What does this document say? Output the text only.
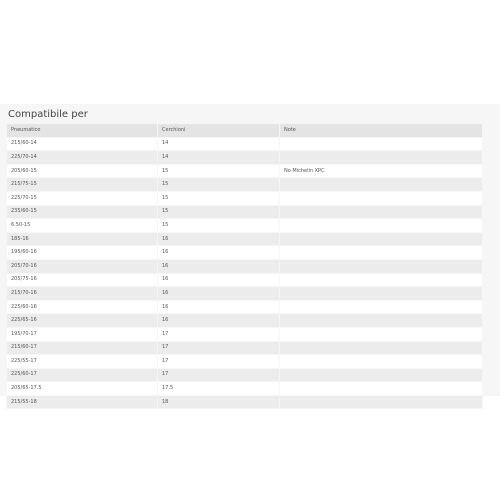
Compatibile per
Pneumatico	Cerchioni	Note
215/60-14	14	
225/70-14	14	
205/60-15	15	No Michelin XPC
215/75-15	15	
225/70-15	15	
235/60-15	15	
6.50-15	15	
185-16	16	
195/60-16	16	
205/70-16	16	
205/75-16	16	
215/70-16	16	
225/60-16	16	
225/65-16	16	
195/70-17	17	
215/60-17	17	
225/55-17	17	
225/60-17	17	
205/65-17.5	17.5	
215/55-18	18	
